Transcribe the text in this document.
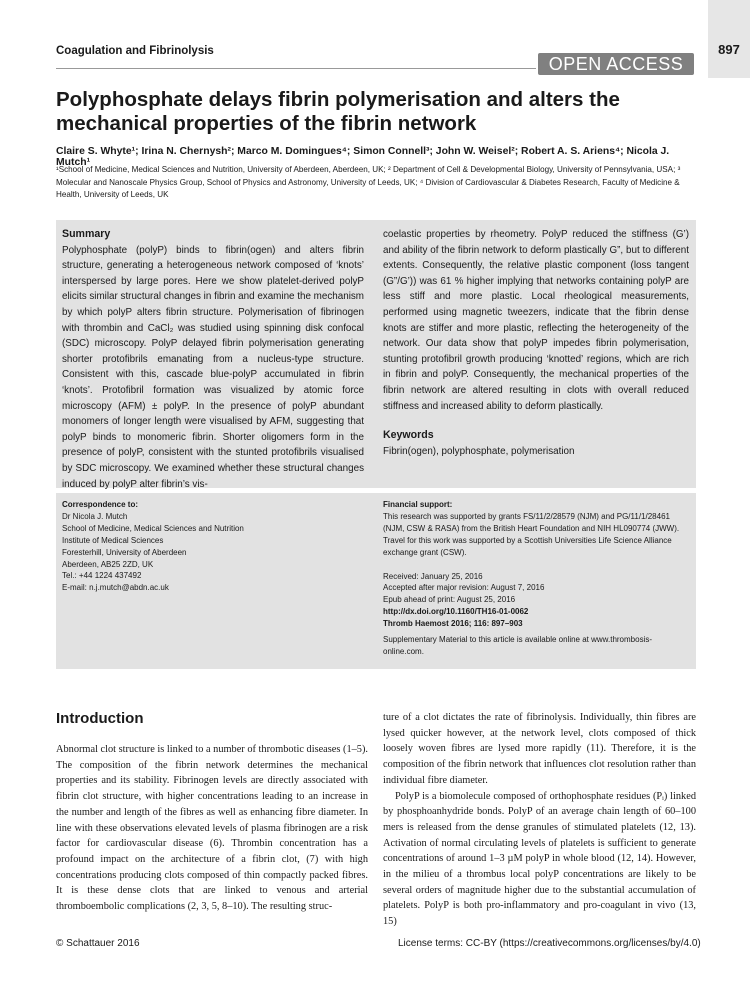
897
Coagulation and Fibrinolysis
OPEN ACCESS
Polyphosphate delays fibrin polymerisation and alters the mechanical properties of the fibrin network
Claire S. Whyte¹; Irina N. Chernysh²; Marco M. Domingues⁴; Simon Connell³; John W. Weisel²; Robert A. S. Ariens⁴; Nicola J. Mutch¹
¹School of Medicine, Medical Sciences and Nutrition, University of Aberdeen, Aberdeen, UK; ² Department of Cell & Developmental Biology, University of Pennsylvania, USA; ³ Molecular and Nanoscale Physics Group, School of Physics and Astronomy, University of Leeds, UK; ⁴ Division of Cardiovascular & Diabetes Research, Faculty of Medicine & Health, University of Leeds, UK
Summary

Polyphosphate (polyP) binds to fibrin(ogen) and alters fibrin structure, generating a heterogeneous network composed of ‘knots’ interspersed by large pores. Here we show platelet-derived polyP elicits similar structural changes in fibrin and examine the mechanism by which polyP alters fibrin structure. Polymerisation of fibrinogen with thrombin and CaCl₂ was studied using spinning disk confocal (SDC) microscopy. PolyP delayed fibrin polymerisation generating shorter protofibrils emanating from a nucleus-type structure. Consistent with this, cascade blue-polyP accumulated in fibrin ‘knots’. Protofibril formation was visualized by atomic force microscopy (AFM) ± polyP. In the presence of polyP abundant monomers of longer length were visualised by AFM, suggesting that polyP binds to monomeric fibrin. Shorter oligomers form in the presence of polyP, consistent with the stunted protofibrils visualised by SDC microscopy. We examined whether these structural changes induced by polyP alter fibrin’s vis-

coelastic properties by rheometry. PolyP reduced the stiffness (G’) and ability of the fibrin network to deform plastically G”, but to different extents. Consequently, the relative plastic component (loss tangent (G”/G’)) was 61 % higher implying that networks containing polyP are less stiff and more plastic. Local rheological measurements, performed using magnetic tweezers, indicate that the fibrin dense knots are stiffer and more plastic, reflecting the heterogeneity of the network. Our data show that polyP impedes fibrin polymerisation, stunting protofibril growth producing ‘knotted’ regions, which are rich in fibrin and polyP. Consequently, the mechanical properties of the fibrin network are altered resulting in clots with overall reduced stiffness and increased ability to deform plastically.

Keywords

Fibrin(ogen), polyphosphate, polymerisation

Correspondence to:
Dr Nicola J. Mutch
School of Medicine, Medical Sciences and Nutrition
Institute of Medical Sciences
Foresterhill, University of Aberdeen
Aberdeen, AB25 2ZD, UK
Tel.: +44 1224 437492
E-mail: n.j.mutch@abdn.ac.uk
Financial support:

This research was supported by grants FS/11/2/28579 (NJM) and PG/11/1/28461 (NJM, CSW & RASA) from the British Heart Foundation and NIH HL090774 (JWW). Travel for this work was supported by a Scottish Universities Life Science Alliance exchange grant (CSW).

Received: January 25, 2016
Accepted after major revision: August 7, 2016
Epub ahead of print: August 25, 2016
http://dx.doi.org/10.1160/TH16-01-0062
Thromb Haemost 2016; 116: 897–903

Supplementary Material to this article is available online at www.thrombosis-online.com.

Introduction

Abnormal clot structure is linked to a number of thrombotic diseases (1–5). The composition of the fibrin network determines the mechanical properties and its stability. Fibrinogen levels are directly associated with fibrin clot structure, with higher concentrations leading to an increase in the number and length of the fibres as well as enhancing fibre diameter. In line with these observations elevated levels of plasma fibrinogen are a risk factor for cardiovascular disease (6). Thrombin concentration has a profound impact on the architecture of a fibrin clot, (7) with high concentrations producing clots composed of thin compactly packed fibres. It is these dense clots that are linked to venous and arterial thromboembolic complications (2, 3, 5, 8–10). The resulting struc-

ture of a clot dictates the rate of fibrinolysis. Individually, thin fibres are lysed quicker however, at the network level, clots composed of thick loosely woven fibres are lysed more rapidly (11). Therefore, it is the composition of the fibrin network that influences clot resolution rather than individual fibre diameter.

PolyP is a biomolecule composed of orthophosphate residues (Pᵢ) linked by phosphoanhydride bonds. PolyP of an average chain length of 60–100 mers is released from the dense granules of stimulated platelets (12, 13). Activation of normal circulating levels of platelets is sufficient to generate concentrations of around 1–3 µM polyP in whole blood (12, 14). However, in the milieu of a thrombus local polyP concentrations are likely to be several orders of magnitude higher due to the substantial accumulation of platelets. PolyP is both pro-inflammatory and pro-coagulant in vivo (13, 15)

© Schattauer 2016	License terms: CC-BY (https://creativecommons.org/licenses/by/4.0)
